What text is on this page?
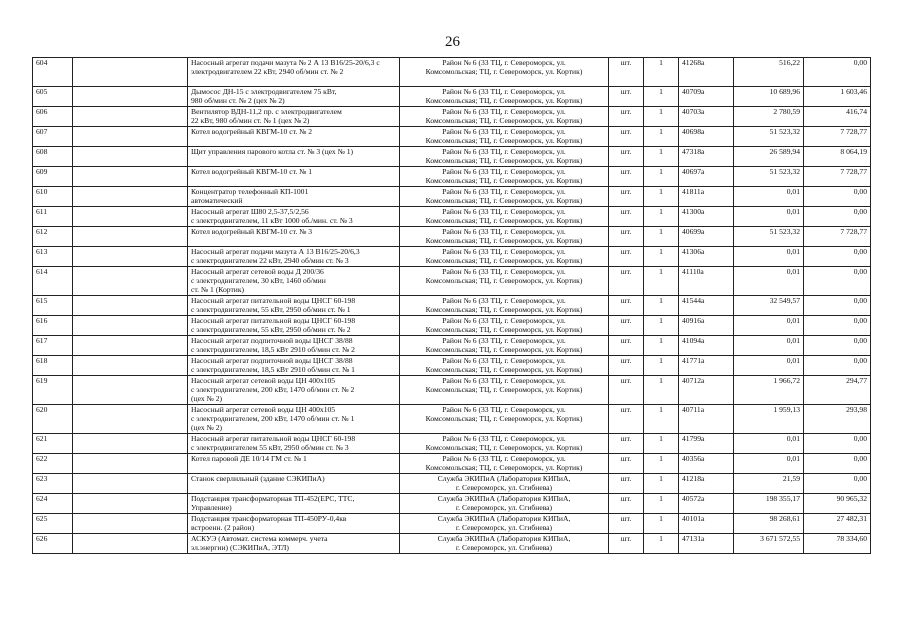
26
604		Насосный агрегат подачи мазута № 2 А 13 В16/25-20/6,3 с электродвигателем 22 кВт, 2940 об/мин ст. № 2	Район № 6 (33 ТЦ, г. Североморск, ул.
Комсомольская; ТЦ, г. Североморск, ул. Кортик)	шт.	1	41268а	516,22	0,00
605		Дымосос ДН-15 с электродвигателем 75 кВт,
980 об/мин ст. № 2 (цех № 2)	Район № 6 (33 ТЦ, г. Североморск, ул.
Комсомольская; ТЦ, г. Североморск, ул. Кортик)	шт.	1	40709а	10 689,96	1 603,46
606		Вентилятор ВДН-11,2 пр. с электродвигателем
22 кВт, 980 об/мин ст. № 1 (цех № 2)	Район № 6 (33 ТЦ, г. Североморск, ул.
Комсомольская; ТЦ, г. Североморск, ул. Кортик)	шт.	1	40703а	2 780,59	416,74
607		Котел водогрейный КВГМ-10 ст. № 2	Район № 6 (33 ТЦ, г. Североморск, ул.
Комсомольская; ТЦ, г. Североморск, ул. Кортик)	шт.	1	40698а	51 523,32	7 728,77
608		Щит управления парового котла ст. № 3 (цех № 1)	Район № 6 (33 ТЦ, г. Североморск, ул.
Комсомольская; ТЦ, г. Североморск, ул. Кортик)	шт.	1	47318а	26 589,94	8 064,19
609		Котел водогрейный КВГМ-10 ст. № 1	Район № 6 (33 ТЦ, г. Североморск, ул.
Комсомольская; ТЦ, г. Североморск, ул. Кортик)	шт.	1	40697а	51 523,32	7 728,77
610		Концентратор телефонный КП-1001
автоматический	Район № 6 (33 ТЦ, г. Североморск, ул.
Комсомольская; ТЦ, г. Североморск, ул. Кортик)	шт.	1	41811а	0,01	0,00
611		Насосный агрегат Ш80 2,5-37,5/2,56
с электродвигателем, 11 кВт 1000 об./мин. ст. № 3	Район № 6 (33 ТЦ, г. Североморск, ул.
Комсомольская; ТЦ, г. Североморск, ул. Кортик)	шт.	1	41300а	0,01	0,00
612		Котел водогрейный КВГМ-10 ст. № 3	Район № 6 (33 ТЦ, г. Североморск, ул.
Комсомольская; ТЦ, г. Североморск, ул. Кортик)	шт.	1	40699а	51 523,32	7 728,77
613		Насосный агрегат подачи мазута А 13 В16/25-20/6,3
с электродвигателем 22 кВт, 2940 об/мин ст. № 3	Район № 6 (33 ТЦ, г. Североморск, ул.
Комсомольская; ТЦ, г. Североморск, ул. Кортик)	шт.	1	41306а	0,01	0,00
614		Насосный агрегат сетевой воды Д 200/36
с электродвигателем, 30 кВт, 1460 об/мин
ст. № 1 (Кортик)	Район № 6 (33 ТЦ, г. Североморск, ул.
Комсомольская; ТЦ, г. Североморск, ул. Кортик)	шт.	1	41110а	0,01	0,00
615		Насосный агрегат питательной воды ЦНСГ 60-198
с электродвигателем, 55 кВт, 2950 об/мин ст. № 1	Район № 6 (33 ТЦ, г. Североморск, ул.
Комсомольская; ТЦ, г. Североморск, ул. Кортик)	шт.	1	41544а	32 549,57	0,00
616		Насосный агрегат питательной воды ЦНСГ 60-198
с электродвигателем, 55 кВт, 2950 об/мин ст. № 2	Район № 6 (33 ТЦ, г. Североморск, ул.
Комсомольская; ТЦ, г. Североморск, ул. Кортик)	шт.	1	40916а	0,01	0,00
617		Насосный агрегат подпиточной воды ЦНСГ 38/88
с электродвигателем, 18,5 кВт 2910 об/мин ст. № 2	Район № 6 (33 ТЦ, г. Североморск, ул.
Комсомольская; ТЦ, г. Североморск, ул. Кортик)	шт.	1	41094а	0,01	0,00
618		Насосный агрегат подпиточной воды ЦНСГ 38/88
с электродвигателем, 18,5 кВт 2910 об/мин ст. № 1	Район № 6 (33 ТЦ, г. Североморск, ул.
Комсомольская; ТЦ, г. Североморск, ул. Кортик)	шт.	1	41771а	0,01	0,00
619		Насосный агрегат сетевой воды ЦН 400х105
с электродвигателем, 200 кВт, 1470 об/мин ст. № 2
(цех № 2)	Район № 6 (33 ТЦ, г. Североморск, ул.
Комсомольская; ТЦ, г. Североморск, ул. Кортик)	шт.	1	40712а	1 966,72	294,77
620		Насосный агрегат сетевой воды ЦН 400х105
с электродвигателем, 200 кВт, 1470 об/мин ст. № 1
(цех № 2)	Район № 6 (33 ТЦ, г. Североморск, ул.
Комсомольская; ТЦ, г. Североморск, ул. Кортик)	шт.	1	40711а	1 959,13	293,98
621		Насосный агрегат питательной воды ЦНСГ 60-198
с электродвигателем 55 кВт, 2950 об/мин ст. № 3	Район № 6 (33 ТЦ, г. Североморск, ул.
Комсомольская; ТЦ, г. Североморск, ул. Кортик)	шт.	1	41799а	0,01	0,00
622		Котел паровой ДЕ 10/14 ГМ ст. № 1	Район № 6 (33 ТЦ, г. Североморск, ул.
Комсомольская; ТЦ, г. Североморск, ул. Кортик)	шт.	1	40356а	0,01	0,00
623		Станок сверлильный (здание СЭКИПиА)	Служба ЭКИПиА (Лаборатория КИПиА,
г. Североморск, ул. Сгибнева)	шт.	1	41218а	21,59	0,00
624		Подстанция трансформаторная ТП-452(ЕРС, ТТС,
Управление)	Служба ЭКИПиА (Лаборатория КИПиА,
г. Североморск, ул. Сгибнева)	шт.	1	40572а	198 355,17	90 965,32
625		Подстанция трансформаторная ТП-450РУ-0,4кв
встроенн. (2 район)	Служба ЭКИПиА (Лаборатория КИПиА,
г. Североморск, ул. Сгибнева)	шт.	1	40101а	98 268,61	27 482,31
626		АСКУЭ (Автомат. система коммерч. учета
эл.энергии) (СЭКИПиА, ЭТЛ)	Служба ЭКИПиА (Лаборатория КИПиА,
г. Североморск, ул. Сгибнева)	шт.	1	47131а	3 671 572,55	78 334,60
